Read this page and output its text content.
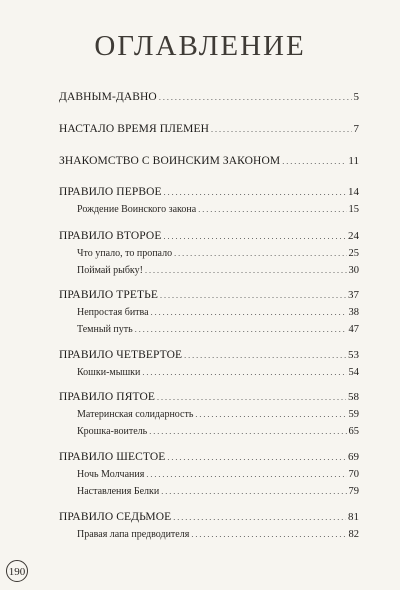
ОГЛАВЛЕНИЕ
ДАВНЫМ-ДАВНО . . .	5
НАСТАЛО ВРЕМЯ ПЛЕМЕН . . .	7
ЗНАКОМСТВО С ВОИНСКИМ ЗАКОНОМ . . .	11
ПРАВИЛО ПЕРВОЕ . . .	14
Рождение Воинского закона . . .	15
ПРАВИЛО ВТОРОЕ . . .	24
Что упало, то пропало . . .	25
Поймай рыбку! . . .	30
ПРАВИЛО ТРЕТЬЕ . . .	37
Непростая битва . . .	38
Темный путь . . .	47
ПРАВИЛО ЧЕТВЕРТОЕ . . .	53
Кошки-мышки . . .	54
ПРАВИЛО ПЯТОЕ . . .	58
Материнская солидарность . . .	59
Крошка-воитель . . .	65
ПРАВИЛО ШЕСТОЕ . . .	69
Ночь Молчания . . .	70
Наставления Белки . . .	79
ПРАВИЛО СЕДЬМОЕ . . .	81
Правая лапа предводителя . . .	82
190
